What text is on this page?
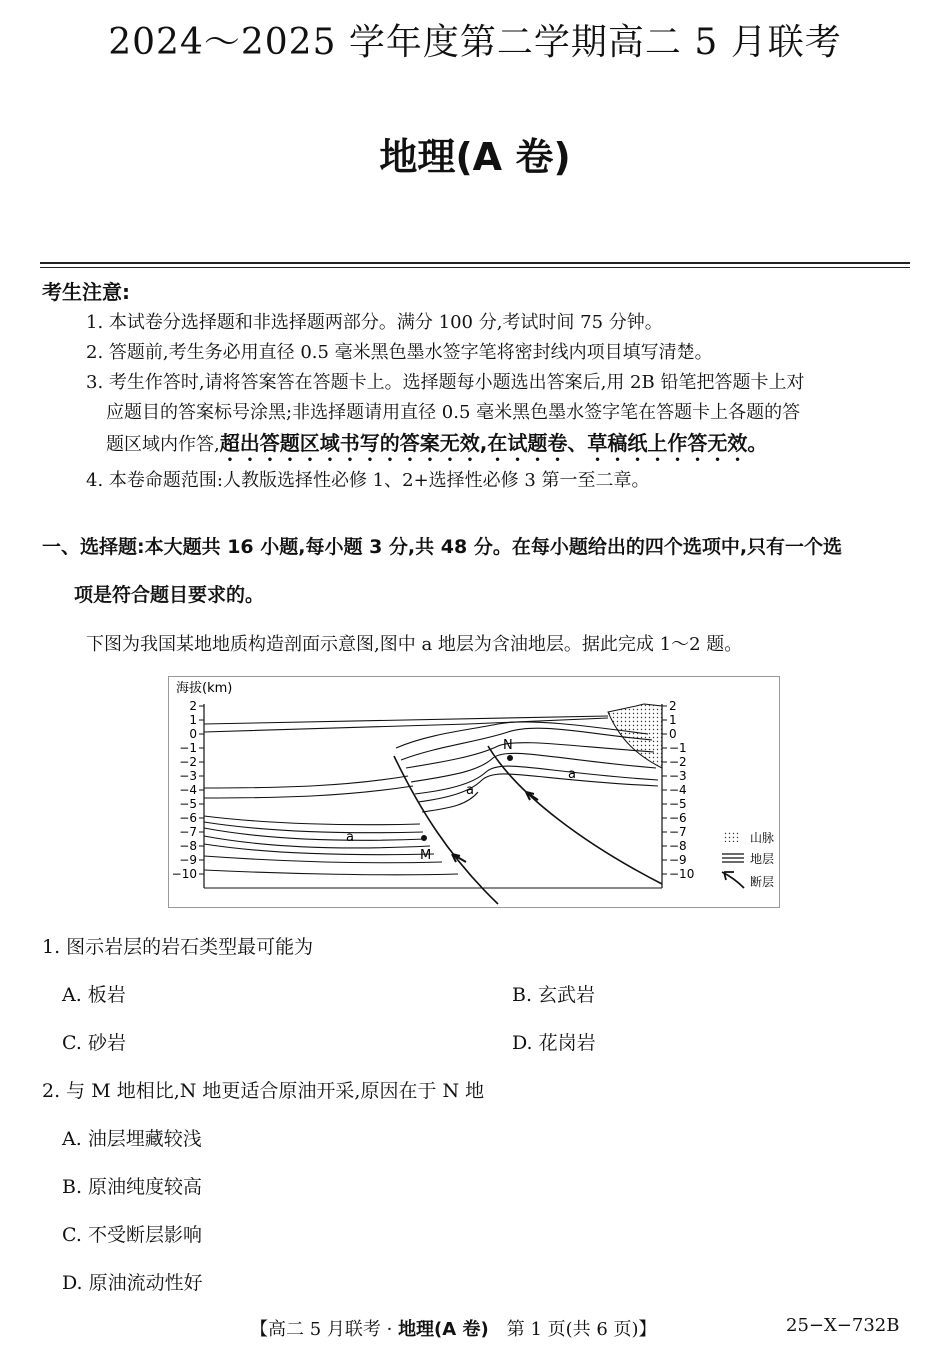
2024～2025 学年度第二学期高二 5 月联考
地理(A 卷)
考生注意:
1. 本试卷分选择题和非选择题两部分。满分 100 分,考试时间 75 分钟。
2. 答题前,考生务必用直径 0.5 毫米黑色墨水签字笔将密封线内项目填写清楚。
3. 考生作答时,请将答案答在答题卡上。选择题每小题选出答案后,用 2B 铅笔把答题卡上对
应题目的答案标号涂黑;非选择题请用直径 0.5 毫米黑色墨水签字笔在答题卡上各题的答
题区域内作答,超出答题区域书写的答案无效,在试题卷、草稿纸上作答无效。
4. 本卷命题范围:人教版选择性必修 1、2+选择性必修 3 第一至二章。
一、选择题:本大题共 16 小题,每小题 3 分,共 48 分。在每小题给出的四个选项中,只有一个选
项是符合题目要求的。
下图为我国某地地质构造剖面示意图,图中 a 地层为含油地层。据此完成 1～2 题。
海拔(km)
2
1
0
−1
−2
−3
−4
−5
−6
−7
−8
−9
−10
2
1
0
−1
−2
−3
−4
−5
−6
−7
−8
−9
−10
N
M
a
a
a
山脉
地层
断层
1. 图示岩层的岩石类型最可能为
A. 板岩	B. 玄武岩
C. 砂岩	D. 花岗岩
2. 与 M 地相比,N 地更适合原油开采,原因在于 N 地
A. 油层埋藏较浅
B. 原油纯度较高
C. 不受断层影响
D. 原油流动性好
【高二 5 月联考 · 地理(A 卷)　第 1 页(共 6 页)】	25−X−732B
